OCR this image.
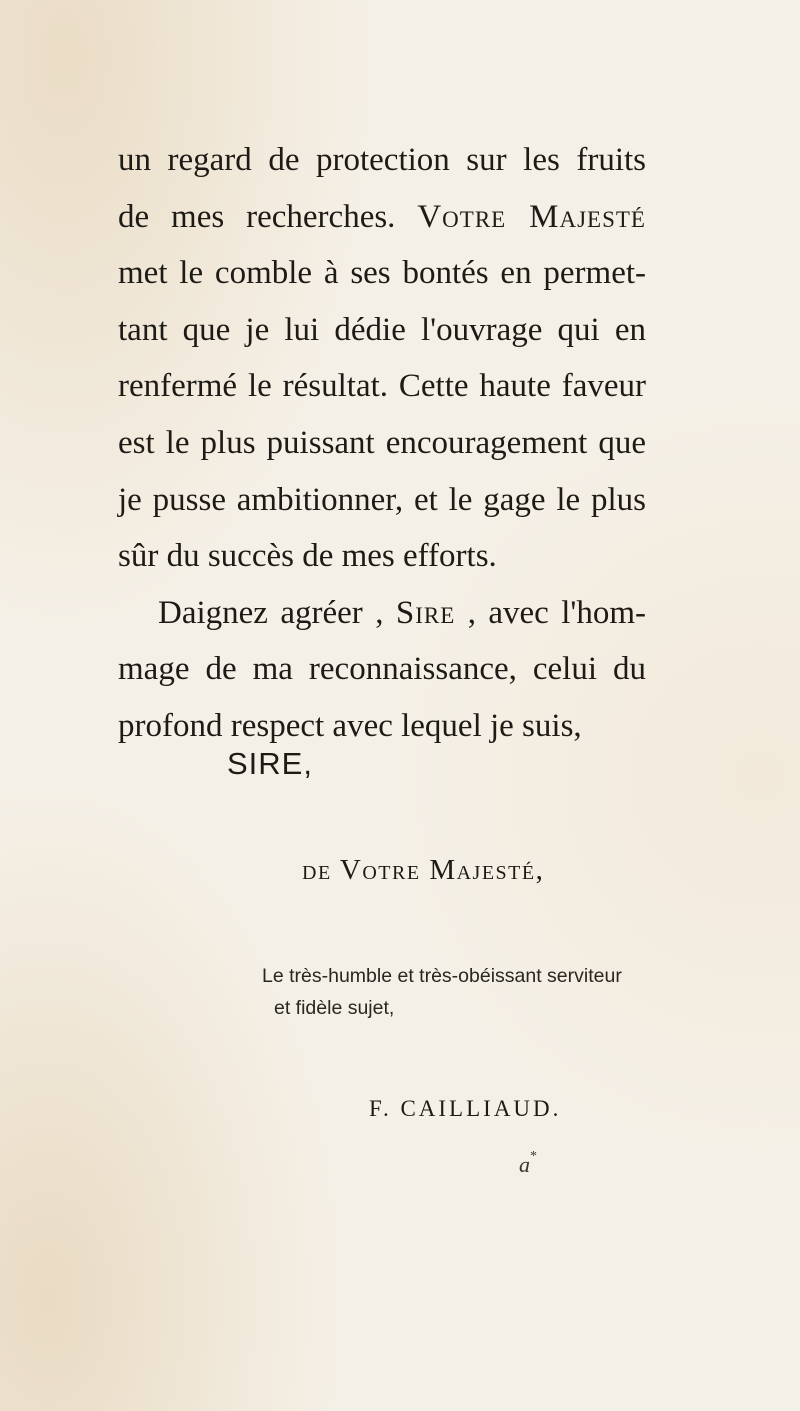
un regard de protection sur les fruits
de mes recherches. Votre Majesté
met le comble à ses bontés en permet-
tant que je lui dédie l'ouvrage qui en
renfermé le résultat. Cette haute faveur
est le plus puissant encouragement que
je pusse ambitionner, et le gage le plus
sûr du succès de mes efforts.
Daignez agréer , Sire , avec l'hom-
mage de ma reconnaissance, celui du
profond respect avec lequel je suis,
SIRE,
de Votre Majesté,
Le très-humble et très-obéissant serviteur
et fidèle sujet,
F. CAILLIAUD.
a*
